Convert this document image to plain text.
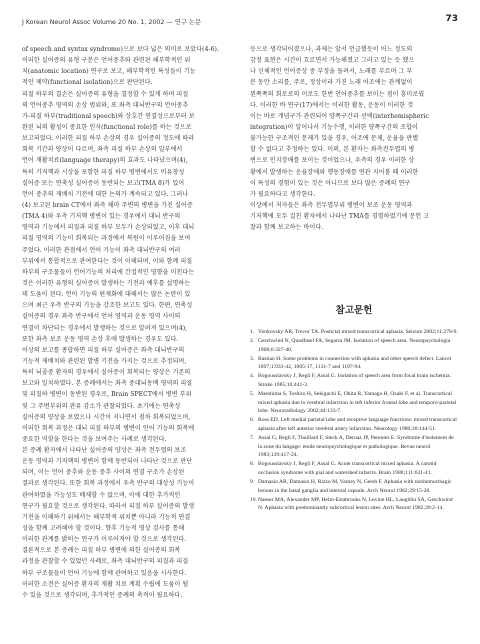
J Korean Neurol Assoc Volume 20 No. 1, 2002 — 연구 논문	73
of speech and syntax syndrome)으로 보다 넓은 의미로 보았다(4-6).
이러한 실어증의 유형 구분은 언어중추와 관련된 해부학적인 위
치(anatomic location) 연구로 보고, 해부학적인 특성들이 기능
적인 제약(functional isolation)으로 판단된다.
피질 하부의 결손은 실어증의 유형을 결정할 수 있게 하며 피질
의 언어중추 영역의 손상 범위와, 또 좌측 대뇌반구의 언어중추
가-피질 하부(traditional speech)와 상호간 연결성으로부터 보
완된 뇌의 활성이 중요한 인자(functional role)를 하는 것으로
보고되었다. 이러한 피질 하부 손상의 경우 실어증의 정도에 따라
회복 기간과 양상이 다르며, 좌측 피질 하부 손상의 일부에서
언어 재활치료(language therapy)의 효과도 나타났으며(4),
특히 기저핵과 시상을 포함한 피질 하부 병변에서도 비유창성
실어증 또는 연축성 실어증이 동반되는 보고(TMA 8)가 있어
언어 중추의 재배치 기전에 대한 논의가 계속되고 있다. 그러나
(4) 보고된 brain CT에서 좌측 해마 주변의 병변을 가진 실어증
(TMA 4)와 우측 기저핵 병변이 있는 경우에서 대뇌 반구의
영역과 기능에서 피질과 피질 하부 모두가 손상되었고, 이후 대뇌
피질 영역의 기능이 회복되는 과정에서 복원이 이루어짐을 보여
주었다. 이러한 관점에서 언어 기능이 좌측 대뇌반구의 여러
부위에서 통합적으로 관여한다는 것이 이해되며, 이와 함께 피질
하부의 구조물들이 언어기능의 처리에 간접적인 영향을 미친다는
것은 이러한 유형의 실어증이 발생하는 기전과 예후를 설명하는
데 도움이 된다. 언어 기능의 편재화에 대해서는 많은 논란이 있
으며 최근 우측 반구의 기능을 강조한 보고도 있다. 한편, 연축성
실어증의 경우 좌측 반구에서 언어 영역과 운동 영역 사이의
연결이 차단되는 경우에서 발생하는 것으로 알려져 있으며(4),
또한 좌측 보조 운동 영역 손상 후에 발생하는 경우도 있다.
이상의 보고를 종합하면 피질 하부 실어증은 좌측 대뇌반구의
기능적 재배치와 관련된 발병 기전을 가지는 것으로 추정되며,
특히 뇌졸중 환자의 경우에서 실어증이 회복되는 양상은 기존의
보고와 일치하였다. 본 증례에서는 좌측 중대뇌동맥 영역의 피질
및 피질하 병변이 동반된 경우로, Brain SPECT에서 병변 부위
및 그 주변부위의 관류 감소가 관찰되었다. 초기에는 연축성
실어증의 양상을 보였으나 시간이 지나면서 점차 회복되었으며,
이러한 회복 과정은 대뇌 피질 하부의 병변이 언어 기능의 회복에
중요한 역할을 한다는 것을 보여주는 사례로 생각된다.
본 증례 환자에서 나타난 실어증의 양상은 좌측 전두엽의 보조
운동 영역과 기저핵의 병변이 함께 동반되어 나타난 것으로 판단
되며, 이는 언어 중추와 운동 중추 사이의 연결 구조가 손상된
결과로 생각된다. 또한 회복 과정에서 우측 반구의 대상성 기능이
관여하였을 가능성도 배제할 수 없으며, 이에 대한 추가적인
연구가 필요할 것으로 생각된다. 따라서 피질 하부 실어증의 발생
기전을 이해하기 위해서는 해부학적 위치뿐 아니라 기능적 연결
성을 함께 고려해야 할 것이다. 향후 기능적 영상 검사를 통해
이러한 관계를 밝히는 연구가 이루어져야 할 것으로 생각된다.
결론적으로 본 증례는 피질 하부 병변에 의한 실어증의 회복
과정을 관찰할 수 있었던 사례로, 좌측 대뇌반구의 피질과 피질
하부 구조물들이 언어 기능에 함께 관여하고 있음을 시사한다.
이러한 소견은 실어증 환자의 재활 치료 계획 수립에 도움이 될
수 있을 것으로 생각되며, 추가적인 증례의 축적이 필요하다.
등으로 생각되어졌으나, 과제는 앞서 언급했듯이 어느 정도의
감정 표현은 시간이 흐르면서 가능해졌고 그러고 있는 듯 했으
나 신체적인 언어증상 중 부정을 돌려서, 노래를 부르며 그 부
분 동안 소리를, 주로, 정상이라 가진 노래 어조에는 관계없이
왼쪽쪽의 회로로의 이로도 한번 언어중추를 보이는 점이 흥미로웠
다. 이러한 바 연구(17)에서는 이러한 활동, 운동이 이러한 것
이는 바로 개념구가 관련되어 양쪽구간과 선택(interhemispheric
integration)이 일어나서 기능수행, 이러한 양쪽구간의 조합이
불가능한 구조적인 문제가 있을 경우, 어조에 문제, 운율을 판별
할 수 없다고 추정하는 있다. 이외, 본 환자는 좌측전두엽의 병
변으로 인지장애를 보이는 것이었으나, 우측의 경우 이러한 상
황에서 발생하는 운율장애와 행동장애를 연관 지어볼 때 이러한
이 특성의 경험이 있는 것은 아니므로 보다 많은 증례의 연구
가 필요하다고 생각한다.
이상에서 저자들은 좌측 전두엽부위 병변이 보조 운동 영역과
기저핵에 모두 걸친 환자에서 나타난 TMA를 경험하였기에 문헌 고
찰과 함께 보고하는 바이다.
참고문헌
1. Yonkovsky AR, Trevor TA. Postictal mixed transcortical aphasia. Seizure 2002;11:278-9.
2. Geschwind N, Quadfasel FA, Segarra JM. Isolation of speech area. Neuropsychologia 1968;6:327-40.
3. Bastian H. Some problems in connection with aphasia and other speech defect. Lancet 1897;1:933-42, 1005-17, 1131-7 and 1187-94.
4. Bogousslavsky J, Regli F, Assal G. Isolation of speech area from focal brain ischemia. Stroke 1985;16:441-3.
5. Maeshima S, Toshiro H, Sekiguchi E, Okita R, Yamaga H, Ozaki F, et al. Transcortical mixed aphasia due to cerebral infarction in left inferior frontal lobe and temporo-parietal lobe. Neuroradiology 2002;44:133-7.
6. Ross ED. Left medial parietal lobe and receptive language functions: mixed transcortical aphasia after left anterior cerebral artery infarction. Neurology 1980;30:144-51.
7. Assal G, Regli F, Thuillard F, Steck A, Deruaz JP, Perentes E. Syndrome d'isolement de la zone du langage: etude neuropsychologique et pathologique. Revue neurol 1983;139:417-24.
8. Bogousslavsky J, Regli F, Assal G. Acute transcortical mixed aphasia. A carotid occlusion syndrome with pial and watershed infarcts. Brain 1988;111:631-41.
9. Damasio AR, Damasio H, Rizzo M, Varney N, Gersh F. Aphasia with nonhemorrhagic lesions in the basal ganglia and internal capsule. Arch Neurol 1982;39:15-20.
10. Naeser MA, Alexander MP, Helm-Estabrooks N, Levine HL, Laughlin SA, Geschwind N. Aphasia with predominantly subcortical lesion sites. Arch Neurol 1982;39:2-14.
